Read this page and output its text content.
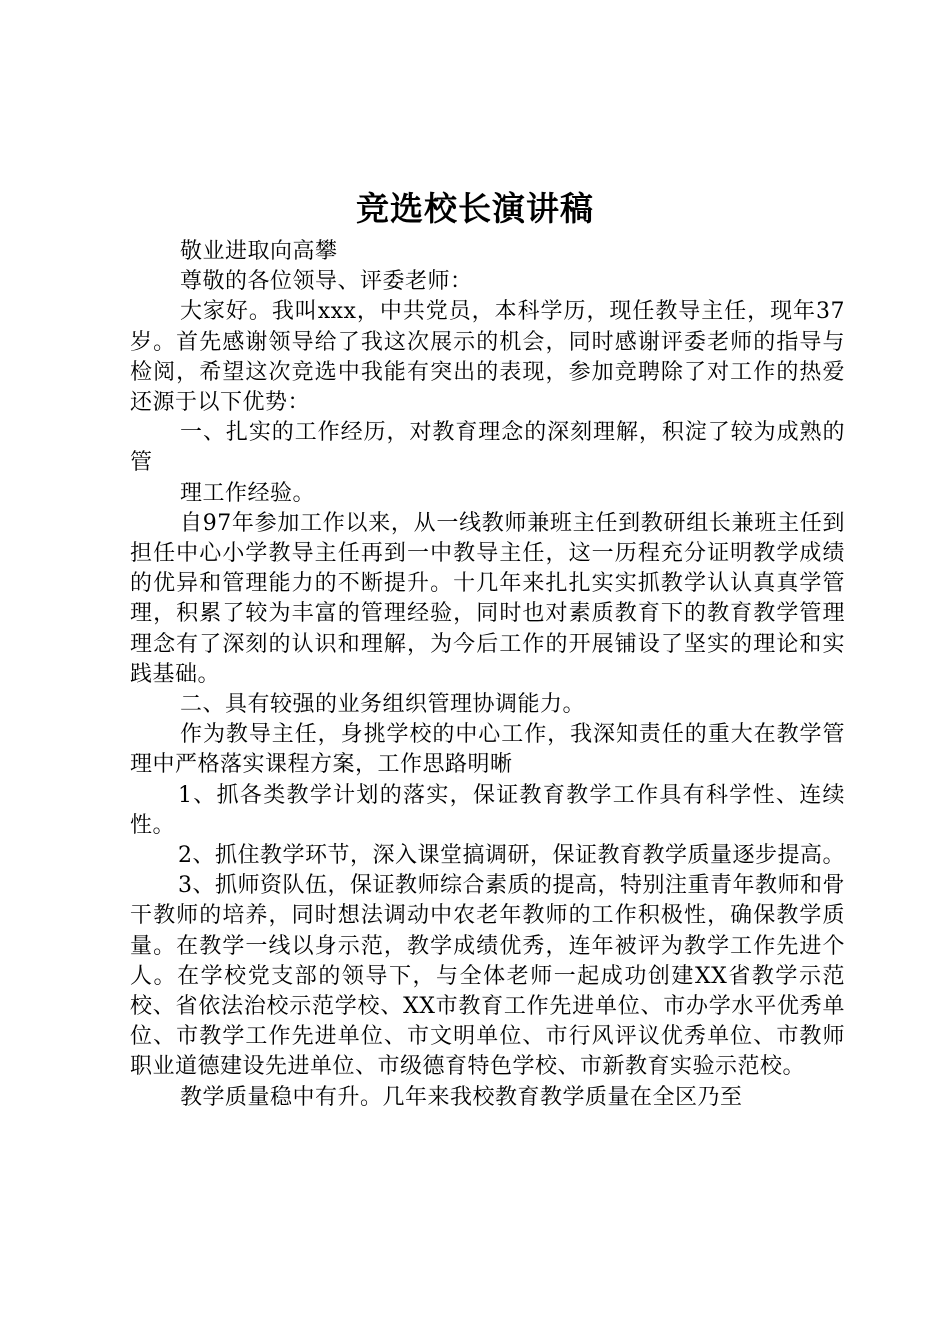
竞选校长演讲稿

敬业进取向高攀

尊敬的各位领导、评委老师：

大家好。我叫xxx，中共党员，本科学历，现任教导主任，现年37岁。首先感谢领导给了我这次展示的机会，同时感谢评委老师的指导与检阅，希望这次竞选中我能有突出的表现，参加竞聘除了对工作的热爱还源于以下优势：

一、扎实的工作经历，对教育理念的深刻理解，积淀了较为成熟的管

理工作经验。

自97年参加工作以来，从一线教师兼班主任到教研组长兼班主任到担任中心小学教导主任再到一中教导主任，这一历程充分证明教学成绩的优异和管理能力的不断提升。十几年来扎扎实实抓教学认认真真学管理，积累了较为丰富的管理经验，同时也对素质教育下的教育教学管理理念有了深刻的认识和理解，为今后工作的开展铺设了坚实的理论和实践基础。

二、具有较强的业务组织管理协调能力。

作为教导主任，身挑学校的中心工作，我深知责任的重大在教学管理中严格落实课程方案，工作思路明晰

1、抓各类教学计划的落实，保证教育教学工作具有科学性、连续性。

2、抓住教学环节，深入课堂搞调研，保证教育教学质量逐步提高。

3、抓师资队伍，保证教师综合素质的提高，特别注重青年教师和骨干教师的培养，同时想法调动中农老年教师的工作积极性，确保教学质量。在教学一线以身示范，教学成绩优秀，连年被评为教学工作先进个人。在学校党支部的领导下，与全体老师一起成功创建XX省教学示范校、省依法治校示范学校、XX市教育工作先进单位、市办学水平优秀单位、市教学工作先进单位、市文明单位、市行风评议优秀单位、市教师职业道德建设先进单位、市级德育特色学校、市新教育实验示范校。

教学质量稳中有升。几年来我校教育教学质量在全区乃至
